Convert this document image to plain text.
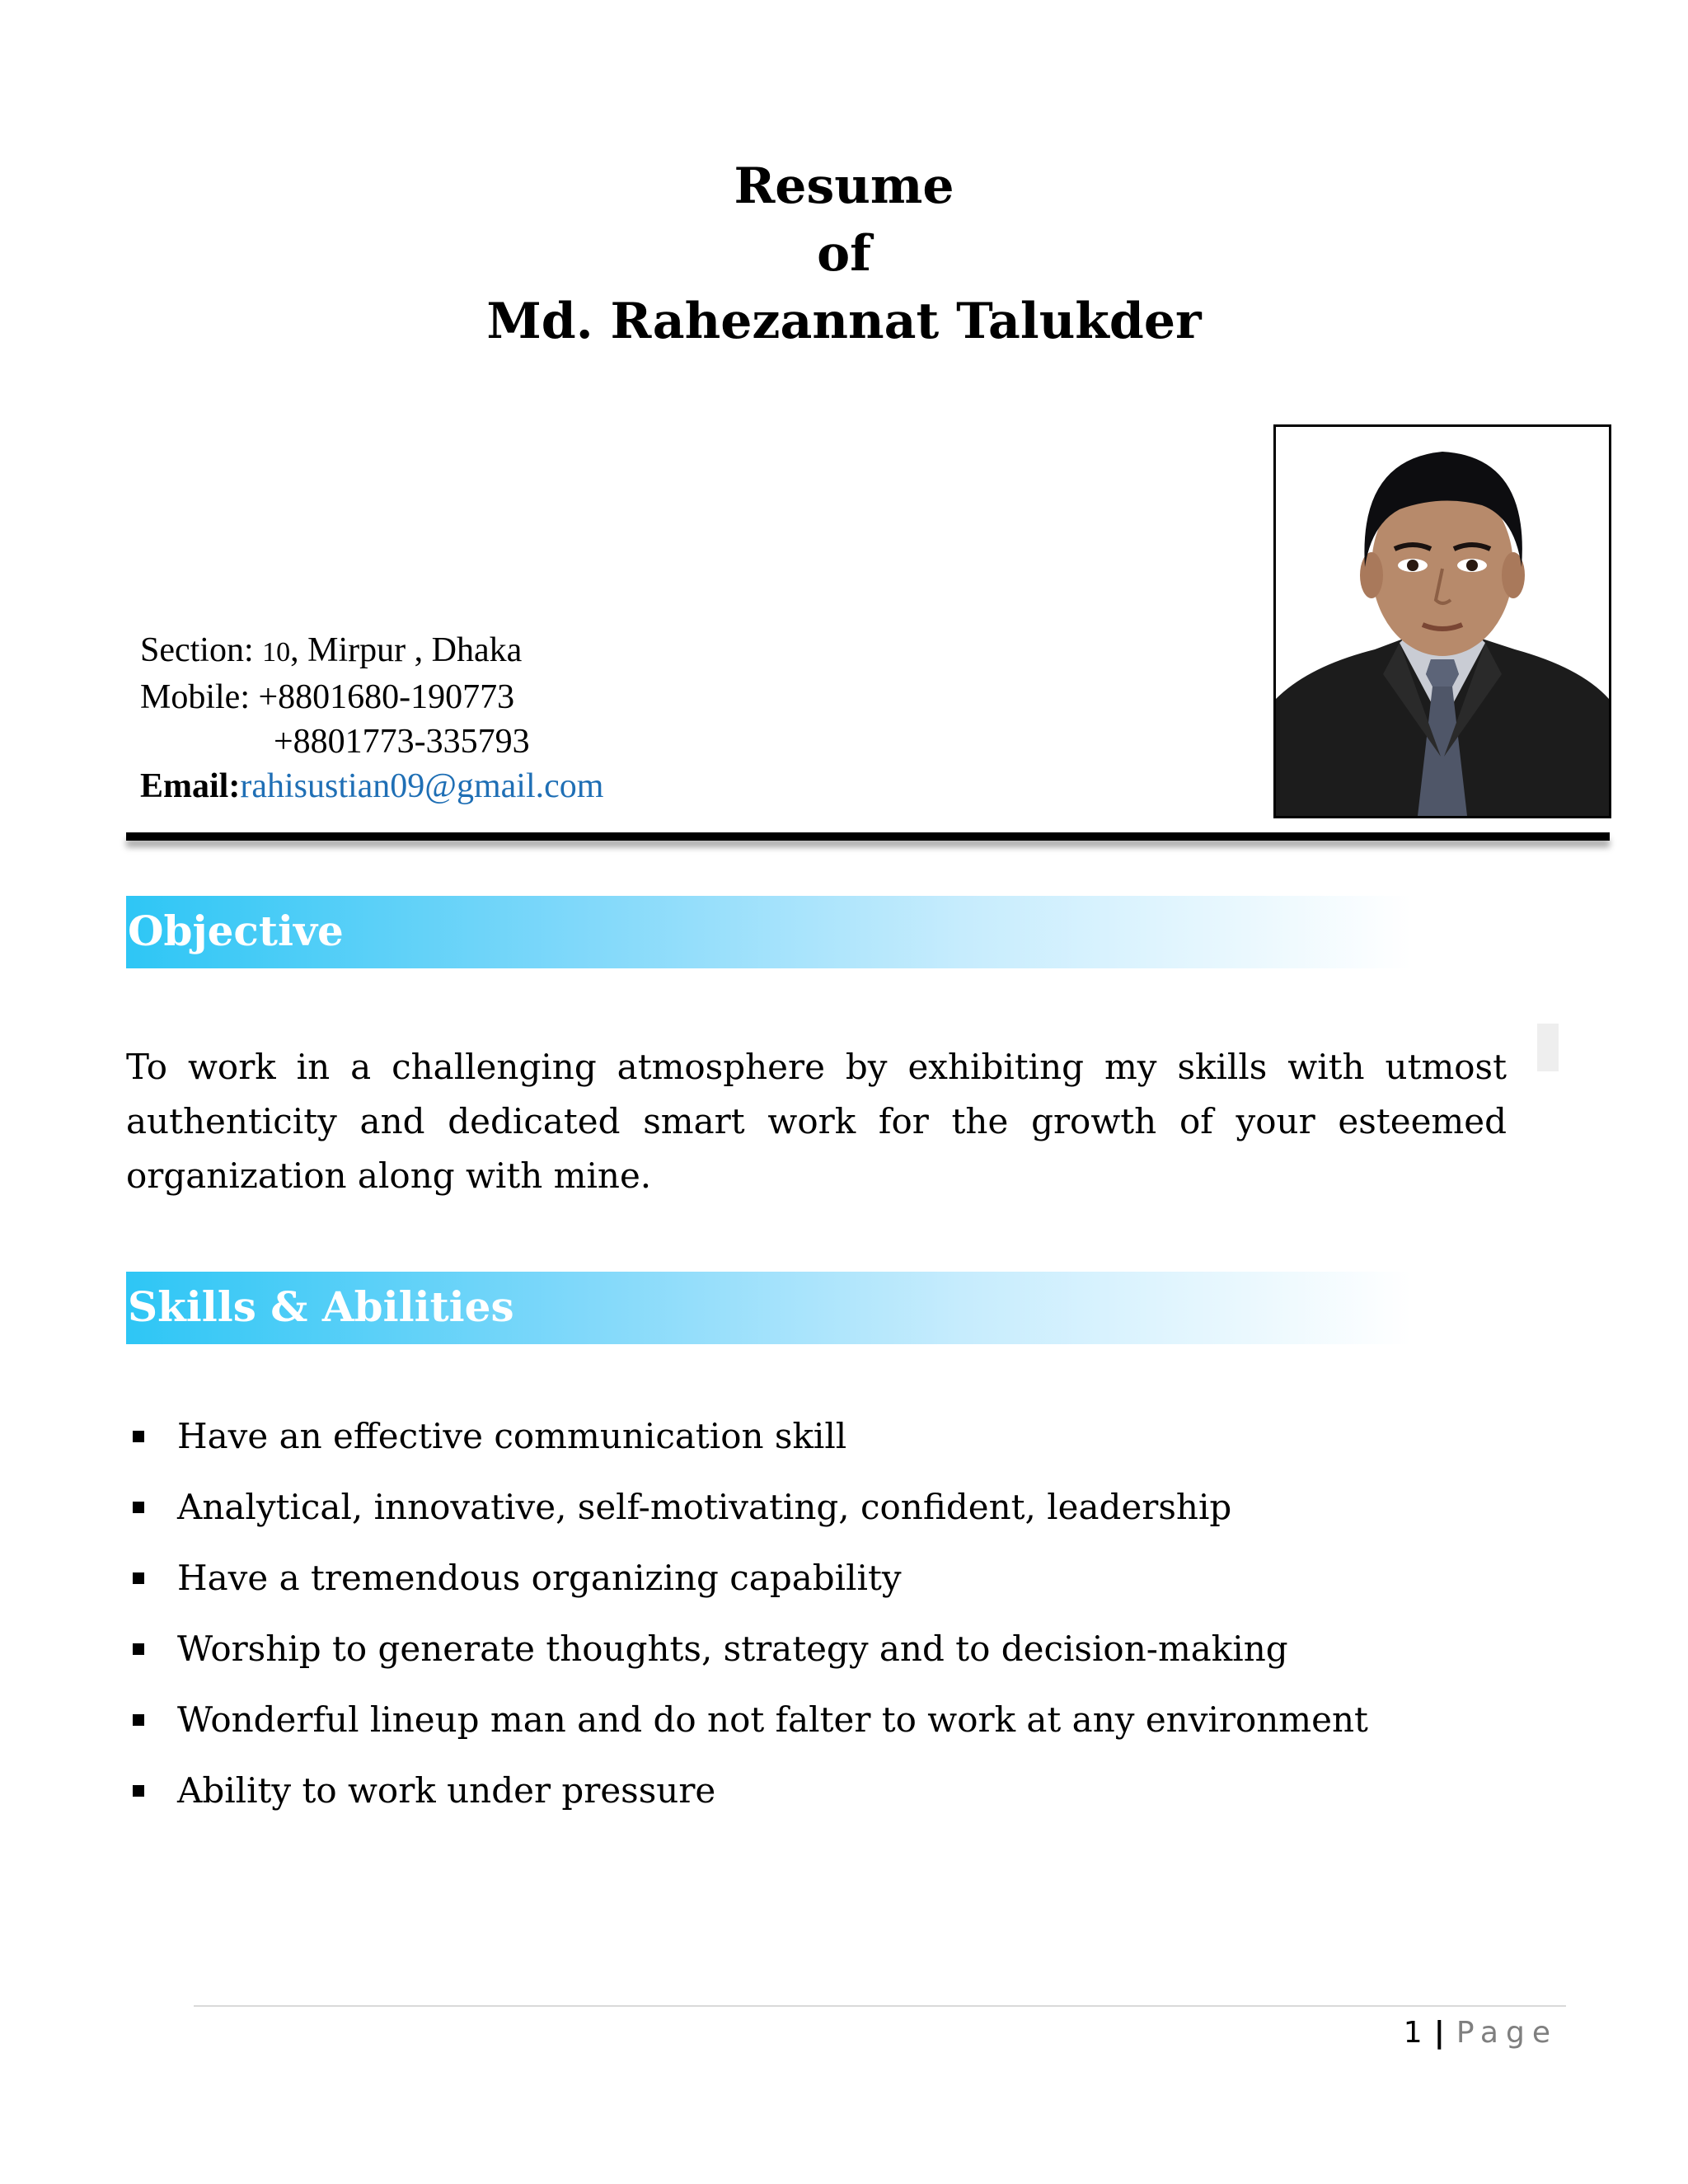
Resume
of
Md. Rahezannat Talukder
Section: 10, Mirpur , Dhaka
Mobile: +8801680-190773
+8801773-335793
Email:rahisustian09@gmail.com
Objective
To work in a challenging atmosphere by exhibiting my skills with utmost authenticity and dedicated smart work for the growth of your esteemed organization along with mine.
Skills & Abilities
Have an effective communication skill
Analytical, innovative, self-motivating, confident, leadership
Have a tremendous organizing capability
Worship to generate thoughts, strategy and to decision-making
Wonderful lineup man and do not falter to work at any environment
Ability to work under pressure
1 | Page
